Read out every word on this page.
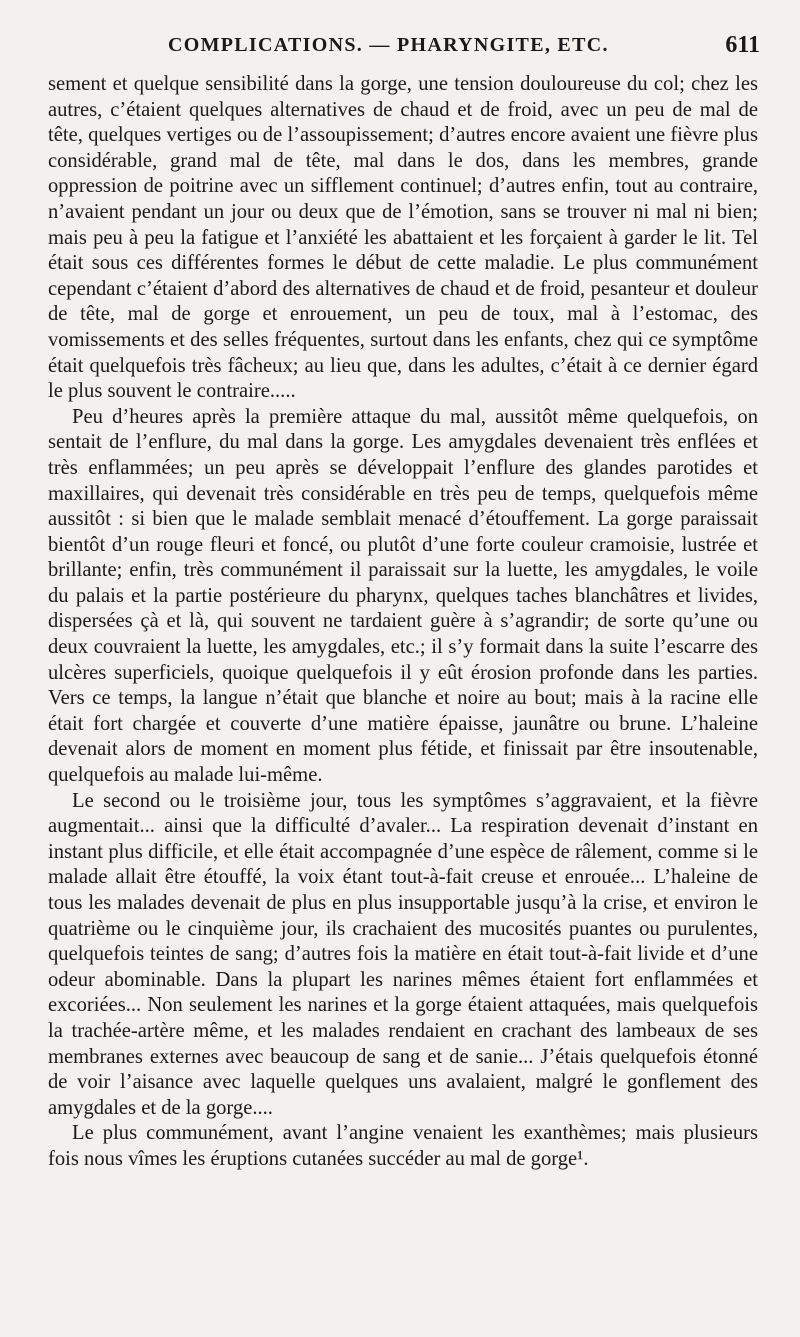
COMPLICATIONS. — PHARYNGITE, ETC.	611

sement et quelque sensibilité dans la gorge, une tension douloureuse du col; chez les autres, c’étaient quelques alternatives de chaud et de froid, avec un peu de mal de tête, quelques vertiges ou de l’assoupissement; d’autres encore avaient une fièvre plus considérable, grand mal de tête, mal dans le dos, dans les membres, grande oppression de poitrine avec un sifflement continuel; d’autres enfin, tout au contraire, n’avaient pendant un jour ou deux que de l’émotion, sans se trouver ni mal ni bien; mais peu à peu la fatigue et l’anxiété les abattaient et les forçaient à garder le lit. Tel était sous ces différentes formes le début de cette maladie. Le plus communément cependant c’étaient d’abord des alternatives de chaud et de froid, pesanteur et douleur de tête, mal de gorge et enrouement, un peu de toux, mal à l’estomac, des vomissements et des selles fréquentes, surtout dans les enfants, chez qui ce symptôme était quelquefois très fâcheux; au lieu que, dans les adultes, c’était à ce dernier égard le plus souvent le contraire.....

Peu d’heures après la première attaque du mal, aussitôt même quelquefois, on sentait de l’enflure, du mal dans la gorge. Les amygdales devenaient très enflées et très enflammées; un peu après se développait l’enflure des glandes parotides et maxillaires, qui devenait très considérable en très peu de temps, quelquefois même aussitôt : si bien que le malade semblait menacé d’étouffement. La gorge paraissait bientôt d’un rouge fleuri et foncé, ou plutôt d’une forte couleur cramoisie, lustrée et brillante; enfin, très communément il paraissait sur la luette, les amygdales, le voile du palais et la partie postérieure du pharynx, quelques taches blanchâtres et livides, dispersées çà et là, qui souvent ne tardaient guère à s’agrandir; de sorte qu’une ou deux couvraient la luette, les amygdales, etc.; il s’y formait dans la suite l’escarre des ulcères superficiels, quoique quelquefois il y eût érosion profonde dans les parties. Vers ce temps, la langue n’était que blanche et noire au bout; mais à la racine elle était fort chargée et couverte d’une matière épaisse, jaunâtre ou brune. L’haleine devenait alors de moment en moment plus fétide, et finissait par être insoutenable, quelquefois au malade lui-même.

Le second ou le troisième jour, tous les symptômes s’aggravaient, et la fièvre augmentait... ainsi que la difficulté d’avaler... La respiration devenait d’instant en instant plus difficile, et elle était accompagnée d’une espèce de râlement, comme si le malade allait être étouffé, la voix étant tout-à-fait creuse et enrouée... L’haleine de tous les malades devenait de plus en plus insupportable jusqu’à la crise, et environ le quatrième ou le cinquième jour, ils crachaient des mucosités puantes ou purulentes, quelquefois teintes de sang; d’autres fois la matière en était tout-à-fait livide et d’une odeur abominable. Dans la plupart les narines mêmes étaient fort enflammées et excoriées... Non seulement les narines et la gorge étaient attaquées, mais quelquefois la trachée-artère même, et les malades rendaient en crachant des lambeaux de ses membranes externes avec beaucoup de sang et de sanie... J’étais quelquefois étonné de voir l’aisance avec laquelle quelques uns avalaient, malgré le gonflement des amygdales et de la gorge....

Le plus communément, avant l’angine venaient les exanthèmes; mais plusieurs fois nous vîmes les éruptions cutanées succéder au mal de gorge¹.
